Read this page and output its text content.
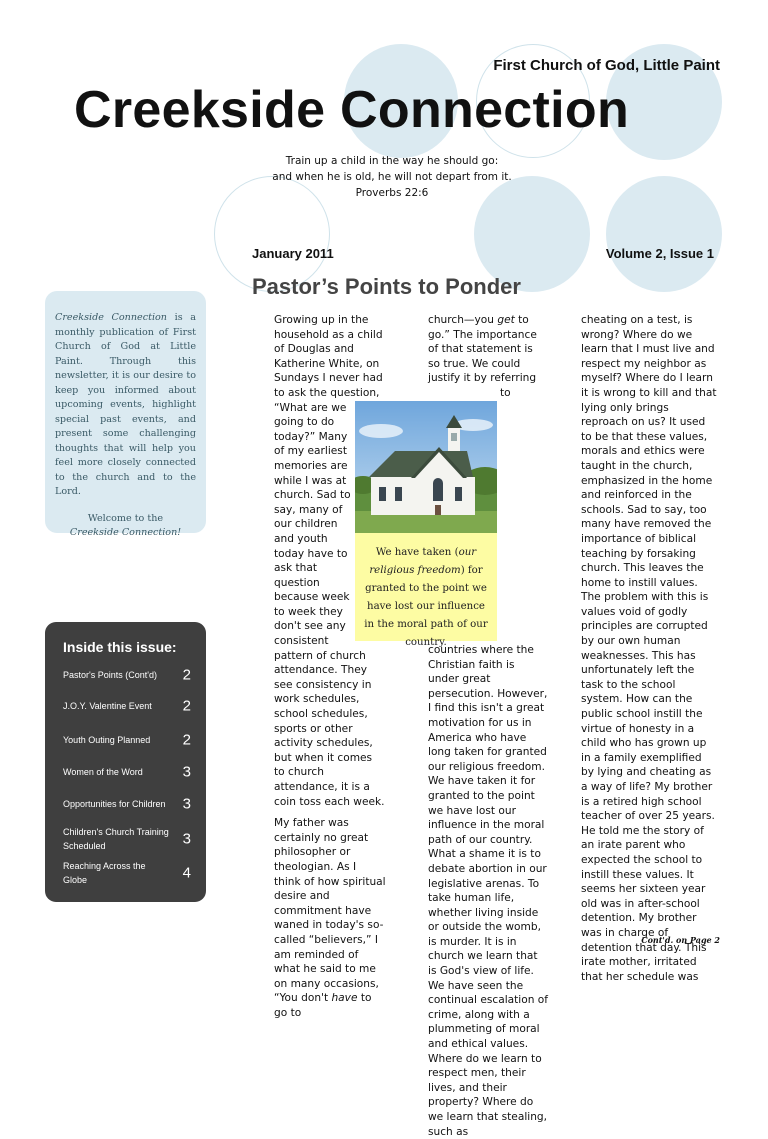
First Church of God, Little Paint
Creekside Connection
Train up a child in the way he should go:
and when he is old, he will not depart from it.
Proverbs 22:6
January 2011	Volume 2, Issue 1

Creekside Connection is a monthly publication of First Church of God at Little Paint. Through this newsletter, it is our desire to keep you informed about upcoming events, highlight special past events, and present some challenging thoughts that will help you feel more closely connected to the church and to the Lord.

Welcome to the
Creekside Connection!

Inside this issue:
Pastor's Points (Cont'd)	2
J.O.Y. Valentine Event	2
Youth Outing Planned	2
Women of the Word	3
Opportunities for Children	3
Children's Church Training Scheduled	3
Reaching Across the Globe	4
Pastor’s Points to Ponder

Growing up in the household as a child of Douglas and Katherine White, on Sundays I never had to ask the question, “What are we going to do today?” Many of my earliest memories are while I was at church. Sad to say, many of our children and youth today have to ask that question because week to week they don't see any consistent pattern of church attendance. They see consistency in work schedules, school schedules, sports or other activity schedules, but when it comes to church attendance, it is a coin toss each week.

My father was certainly no great philosopher or theologian. As I think of how spiritual desire and commitment have waned in today's so-called “believers,” I am reminded of what he said to me on many occasions, “You don't have to go to

church—you get to go.” The importance of that statement is so true. We could justify it by referring to countries where the Christian faith is under great persecution. However, I find this isn't a great motivation for us in America who have long taken for granted our religious freedom. We have taken it for granted to the point we have lost our influence in the moral path of our country. What a shame it is to debate abortion in our legislative arenas. To take human life, whether living inside or outside the womb, is murder. It is in church we learn that is God's view of life. We have seen the continual escalation of crime, along with a plummeting of moral and ethical values. Where do we learn to respect men, their lives, and their property? Where do we learn that stealing, such as

cheating on a test, is wrong? Where do we learn that I must live and respect my neighbor as myself? Where do I learn it is wrong to kill and that lying only brings reproach on us? It used to be that these values, morals and ethics were taught in the church, emphasized in the home and reinforced in the schools. Sad to say, too many have removed the importance of biblical teaching by forsaking church. This leaves the home to instill values. The problem with this is values void of godly principles are corrupted by our own human weaknesses. This has unfortunately left the task to the school system. How can the public school instill the virtue of honesty in a child who has grown up in a family exemplified by lying and cheating as a way of life? My brother is a retired high school teacher of over 25 years. He told me the story of an irate parent who expected the school to instill these values. It seems her sixteen year old was in after-school detention. My brother was in charge of detention that day. This irate mother, irritated that her schedule was

We have taken (our religious freedom) for granted to the point we have lost our influence in the moral path of our country.
Cont'd. on Page 2
